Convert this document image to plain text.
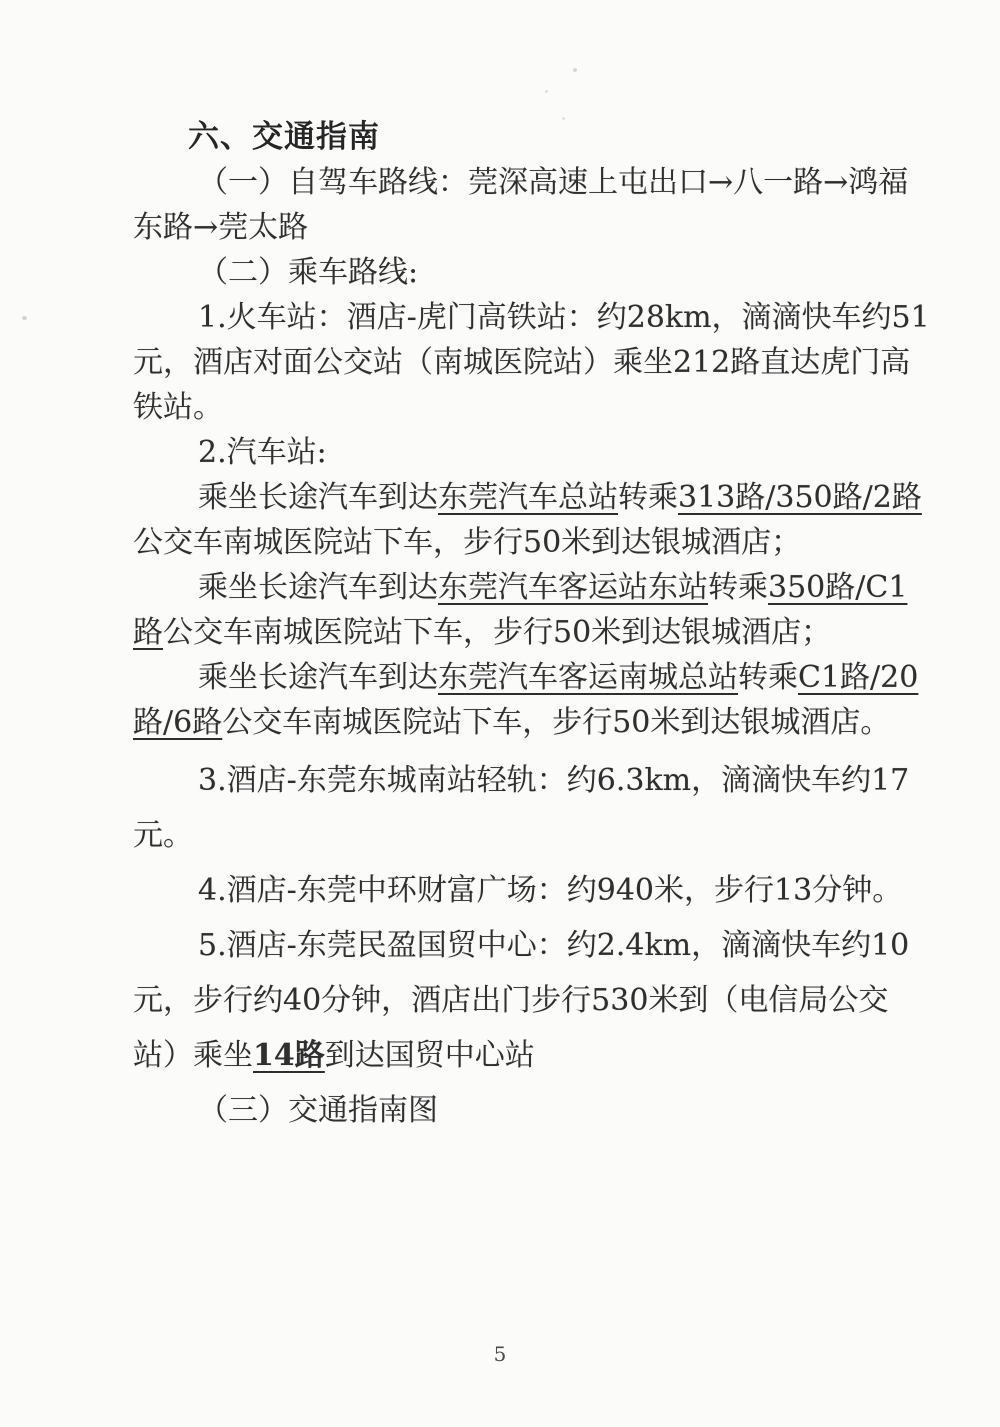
六、交通指南
（一）自驾车路线：莞深高速上屯出口→八一路→鸿福
东路→莞太路
（二）乘车路线:
1.火车站：酒店-虎门高铁站：约28km，滴滴快车约51
元，酒店对面公交站（南城医院站）乘坐212路直达虎门高
铁站。
2.汽车站:
乘坐长途汽车到达东莞汽车总站转乘313路/350路/2路
公交车南城医院站下车，步行50米到达银城酒店；
乘坐长途汽车到达东莞汽车客运站东站转乘350路/C1
路公交车南城医院站下车，步行50米到达银城酒店；
乘坐长途汽车到达东莞汽车客运南城总站转乘C1路/20
路/6路公交车南城医院站下车，步行50米到达银城酒店。
3.酒店-东莞东城南站轻轨：约6.3km，滴滴快车约17
元。
4.酒店-东莞中环财富广场：约940米，步行13分钟。
5.酒店-东莞民盈国贸中心：约2.4km，滴滴快车约10
元，步行约40分钟，酒店出门步行530米到（电信局公交
站）乘坐14路到达国贸中心站
（三）交通指南图
5
